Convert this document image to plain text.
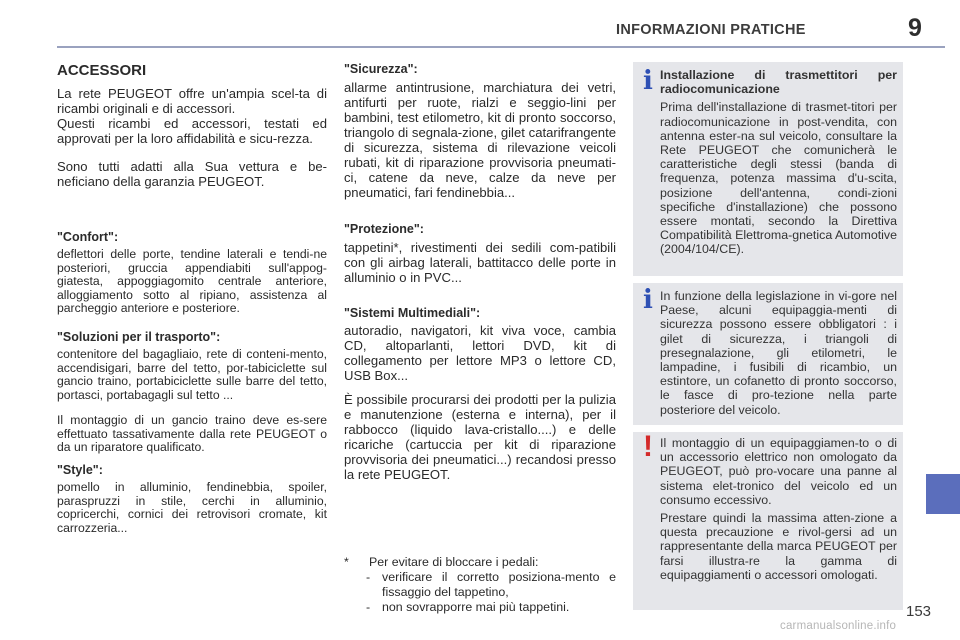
INFORMAZIONI PRATICHE	9
ACCESSORI
La rete PEUGEOT offre un'ampia scel-ta di ricambi originali e di accessori.
Questi ricambi ed accessori, testati ed approvati per la loro affidabilità e sicu-rezza.
Sono tutti adatti alla Sua vettura e be-neficiano della garanzia PEUGEOT.
"Confort":
deflettori delle porte, tendine laterali e tendi-ne posteriori, gruccia appendiabiti sull'appog-giatesta, appoggiagomito centrale anteriore, alloggiamento sotto al ripiano, assistenza al parcheggio anteriore e posteriore.
"Soluzioni per il trasporto":
contenitore del bagagliaio, rete di conteni-mento, accendisigari, barre del tetto, por-tabiciclette sul gancio traino, portabiciclette sulle barre del tetto, portasci, portabagagli sul tetto ...
Il montaggio di un gancio traino deve es-sere effettuato tassativamente dalla rete PEUGEOT o da un riparatore qualificato.
"Style":
pomello in alluminio, fendinebbia, spoiler, paraspruzzi in stile, cerchi in alluminio, copricerchi, cornici dei retrovisori cromate, kit carrozzeria...
"Sicurezza":
allarme antintrusione, marchiatura dei vetri, antifurti per ruote, rialzi e seggio-lini per bambini, test etilometro, kit di pronto soccorso, triangolo di segnala-zione, gilet catarifrangente di sicurezza, sistema di rilevazione veicoli rubati, kit di riparazione provvisoria pneumati-ci, catene da neve, calze da neve per pneumatici, fari fendinebbia...
"Protezione":
tappetini*, rivestimenti dei sedili com-patibili con gli airbag laterali, battitacco delle porte in alluminio o in PVC...
"Sistemi Multimediali":
autoradio, navigatori, kit viva voce, cambia CD, altoparlanti, lettori DVD, kit di collegamento per lettore MP3 o lettore CD, USB Box...
È possibile procurarsi dei prodotti per la pulizia e manutenzione (esterna e interna), per il rabbocco (liquido lava-cristallo....) e delle ricariche (cartuccia per kit di riparazione provvisoria dei pneumatici...) recandosi presso la rete PEUGEOT.
*	Per evitare di bloccare i pedali:
- verificare il corretto posiziona-mento e fissaggio del tappetino,
- non sovrapporre mai più tappetini.
i Installazione di trasmettitori per radiocomunicazione

Prima dell'installazione di trasmet-titori per radiocomunicazione in post-vendita, con antenna ester-na sul veicolo, consultare la Rete PEUGEOT che comunicherà le caratteristiche degli stessi (banda di frequenza, potenza massima d'u-scita, posizione dell'antenna, condi-zioni specifiche d'installazione) che possono essere montati, secondo la Direttiva Compatibilità Elettroma-gnetica Automotive (2004/104/CE).

i In funzione della legislazione in vi-gore nel Paese, alcuni equipaggia-menti di sicurezza possono essere obbligatori : i gilet di sicurezza, i triangoli di presegnalazione, gli etilometri, le lampadine, i fusibili di ricambio, un estintore, un cofanetto di pronto soccorso, le fasce di pro-tezione nella parte posteriore del veicolo.

! Il montaggio di un equipaggiamen-to o di un accessorio elettrico non omologato da PEUGEOT, può pro-vocare una panne al sistema elet-tronico del veicolo ed un consumo eccessivo.

Prestare quindi la massima atten-zione a questa precauzione e rivol-gersi ad un rappresentante della marca PEUGEOT per farsi illustra-re la gamma di equipaggiamenti o accessori omologati.

153
carmanualsonline.info
